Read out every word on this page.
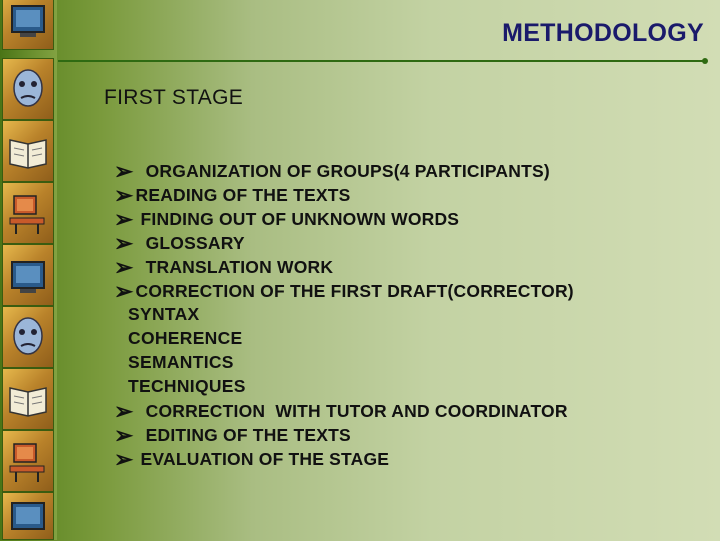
METHODOLOGY
FIRST STAGE
➢ ORGANIZATION OF GROUPS(4 PARTICIPANTS)
➢ READING OF THE TEXTS
➢ FINDING OUT OF UNKNOWN WORDS
➢ GLOSSARY
➢ TRANSLATION WORK
➢ CORRECTION OF THE FIRST DRAFT(CORRECTOR)
SYNTAX
COHERENCE
SEMANTICS
TECHNIQUES
➢ CORRECTION  WITH TUTOR AND COORDINATOR
➢ EDITING OF THE TEXTS
➢ EVALUATION OF THE STAGE
